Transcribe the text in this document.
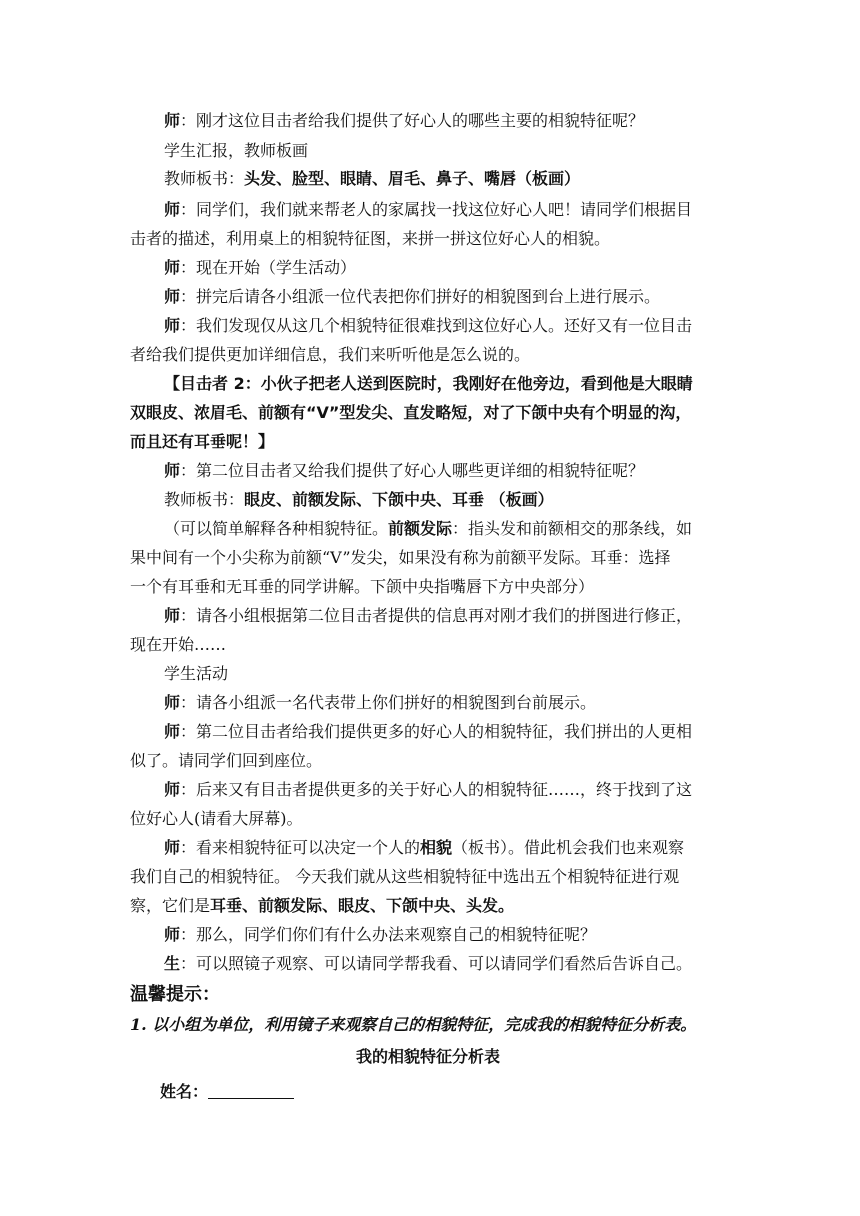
师：刚才这位目击者给我们提供了好心人的哪些主要的相貌特征呢？
学生汇报，教师板画
教师板书：头发、脸型、眼睛、眉毛、鼻子、嘴唇（板画）
师：同学们，我们就来帮老人的家属找一找这位好心人吧！请同学们根据目
击者的描述，利用桌上的相貌特征图，来拼一拼这位好心人的相貌。
师：现在开始（学生活动）
师：拼完后请各小组派一位代表把你们拼好的相貌图到台上进行展示。
师：我们发现仅从这几个相貌特征很难找到这位好心人。还好又有一位目击
者给我们提供更加详细信息，我们来听听他是怎么说的。
【目击者 2：小伙子把老人送到医院时，我刚好在他旁边，看到他是大眼睛
双眼皮、浓眉毛、前额有“V”型发尖、直发略短，对了下颌中央有个明显的沟，
而且还有耳垂呢！】
师：第二位目击者又给我们提供了好心人哪些更详细的相貌特征呢？
教师板书：眼皮、前额发际、下颌中央、耳垂 （板画）
（可以简单解释各种相貌特征。前额发际：指头发和前额相交的那条线，如
果中间有一个小尖称为前额“V”发尖，如果没有称为前额平发际。耳垂：选择
一个有耳垂和无耳垂的同学讲解。下颌中央指嘴唇下方中央部分）
师：请各小组根据第二位目击者提供的信息再对刚才我们的拼图进行修正，
现在开始……
学生活动
师：请各小组派一名代表带上你们拼好的相貌图到台前展示。
师：第二位目击者给我们提供更多的好心人的相貌特征，我们拼出的人更相
似了。请同学们回到座位。
师：后来又有目击者提供更多的关于好心人的相貌特征……，终于找到了这
位好心人(请看大屏幕)。
师：看来相貌特征可以决定一个人的相貌（板书）。借此机会我们也来观察
我们自己的相貌特征。 今天我们就从这些相貌特征中选出五个相貌特征进行观
察，它们是耳垂、前额发际、眼皮、下颌中央、头发。
师：那么，同学们你们有什么办法来观察自己的相貌特征呢？
生：可以照镜子观察、可以请同学帮我看、可以请同学们看然后告诉自己。
温馨提示：
1. 以小组为单位，利用镜子来观察自己的相貌特征，完成我的相貌特征分析表。
我的相貌特征分析表
姓名：
